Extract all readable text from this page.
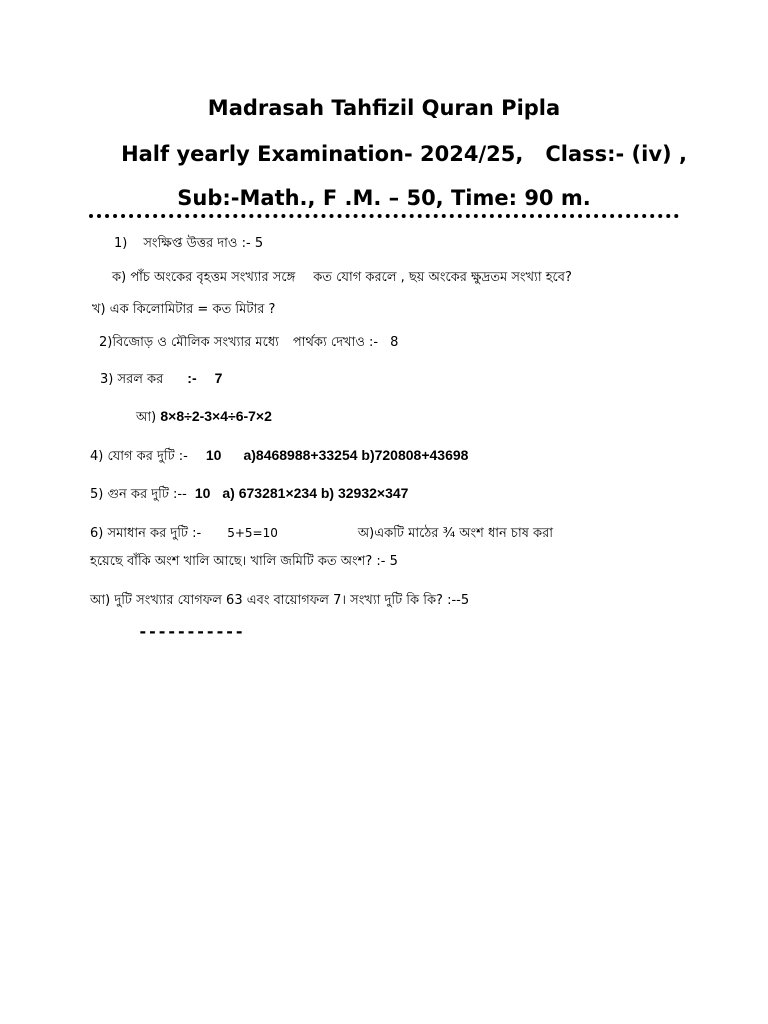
Madrasah Tahfizil Quran Pipla
Half yearly Examination- 2024/25, Class:- (iv) ,
Sub:-Math., F .M. – 50, Time: 90 m.
1) সংক্ষিপ্ত উত্তর দাও :- 5
ক) পাঁচ অংকের বৃহত্তম সংখ্যার সঙ্গে কত যোগ করলে , ছয় অংকের ক্ষুদ্রতম সংখ্যা হবে?
খ) এক কিলোমিটার = কত মিটার ?
2)বিজোড় ও মৌলিক সংখ্যার মধ্যে পার্থক্য দেখাও :- 8
3) সরল কর :- 7
আ) 8×8÷2-3×4÷6-7×2
4) যোগ কর দুটি :- 10 a)8468988+33254 b)720808+43698
5) গুন কর দুটি :-- 10 a) 673281×234 b) 32932×347
6) সমাধান কর দুটি :- 5+5=10	অ)একটি মাঠের ¾ অংশ ধান চাষ করা
হয়েছে বাঁকি অংশ খালি আছে। খালি জমিটি কত অংশ? :- 5
আ) দুটি সংখ্যার যোগফল 63 এবং বায়োগফল 7। সংখ্যা দুটি কি কি? :--5
-----------
